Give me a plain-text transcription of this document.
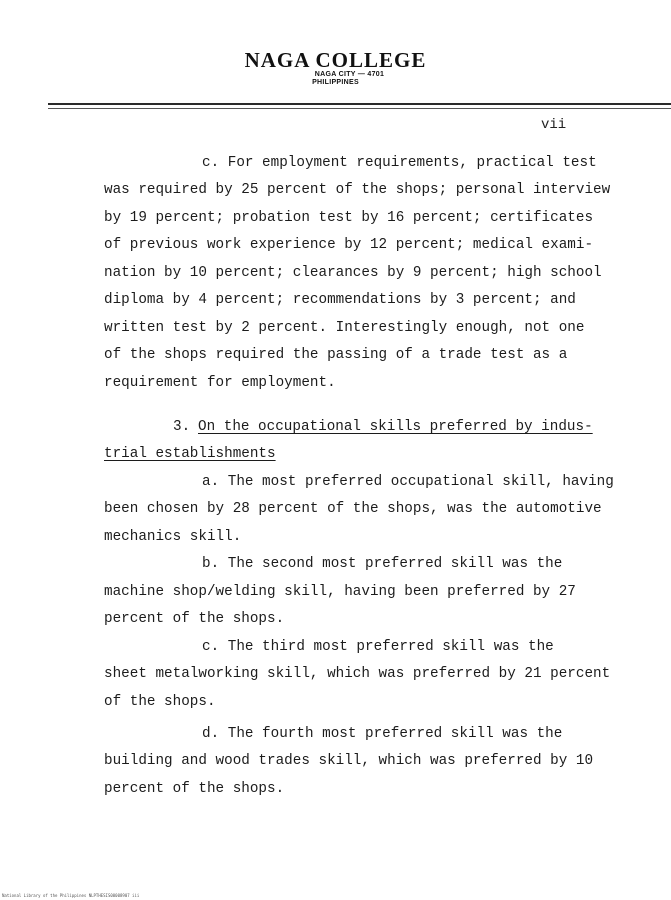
NAGA COLLEGE
NAGA CITY — 4701
PHILIPPINES
vii
c. For employment requirements, practical test
was required by 25 percent of the shops; personal interview
by 19 percent; probation test by 16 percent; certificates
of previous work experience by 12 percent; medical exami-
nation by 10 percent; clearances by 9 percent; high school
diploma by 4 percent; recommendations by 3 percent; and
written test by 2 percent. Interestingly enough, not one
of the shops required the passing of a trade test as a
requirement for employment.
3. On the occupational skills preferred by indus-
trial establishments
a. The most preferred occupational skill, having
been chosen by 28 percent of the shops, was the automotive
mechanics skill.
b. The second most preferred skill was the
machine shop/welding skill, having been preferred by 27
percent of the shops.
c. The third most preferred skill was the
sheet metalworking skill, which was preferred by 21 percent
of the shops.
d. The fourth most preferred skill was the
building and wood trades skill, which was preferred by 10
percent of the shops.
National Library of the Philippines NLPTHESIS00008907 iii
